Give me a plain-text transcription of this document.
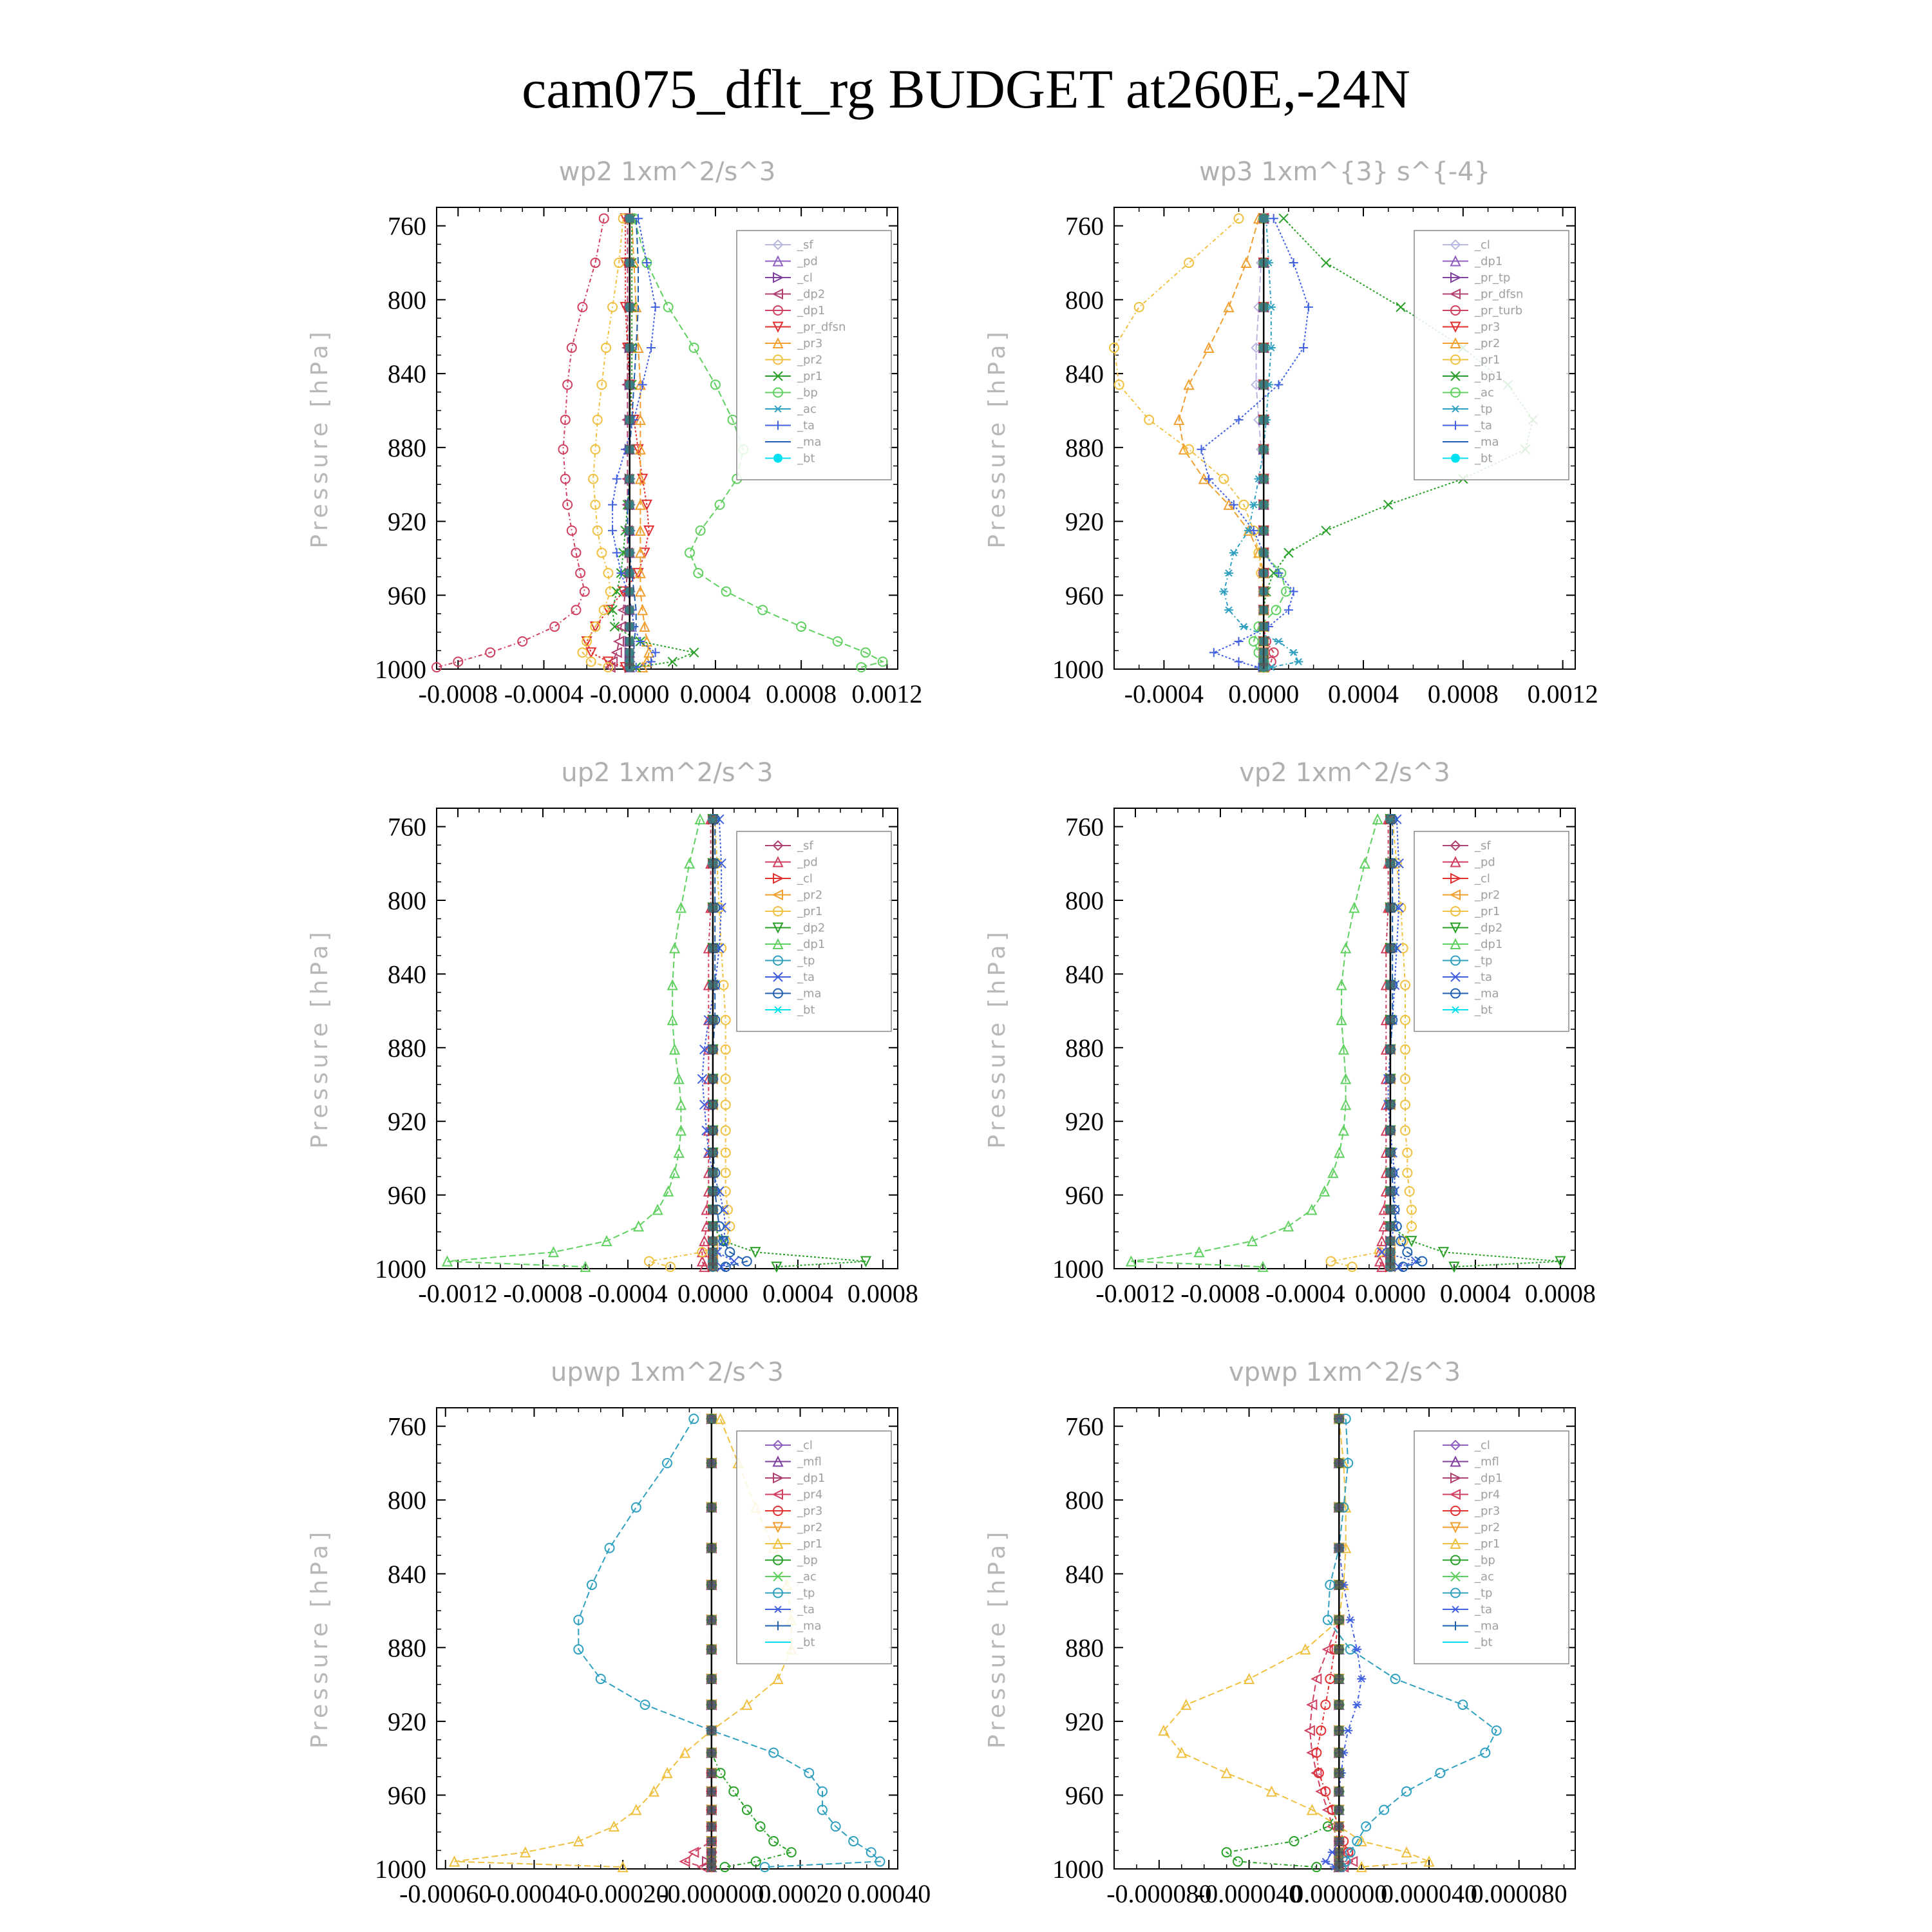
cam075_dflt_rg BUDGET at260E,-24N
wp2 1xm^2/s^3
Pressure [hPa]
760
800
840
880
920
960
1000
-0.0008 -0.0004 -0.0000 0.0004 0.0008 0.0012
_sf
_pd
_cl
_dp2
_dp1
_pr_dfsn
_pr3
_pr2
_pr1
_bp
_ac
_ta
_ma
_bt
wp3 1xm^{3} s^{-4}
Pressure [hPa]
760
800
840
880
920
960
1000
-0.0004 0.0000 0.0004 0.0008 0.0012
_cl
_dp1
_pr_tp
_pr_dfsn
_pr_turb
_pr3
_pr2
_pr1
_bp1
_ac
_tp
_ta
_ma
_bt
up2 1xm^2/s^3
Pressure [hPa]
760
800
840
880
920
960
1000
-0.0012 -0.0008 -0.0004 0.0000 0.0004 0.0008
_sf
_pd
_cl
_pr2
_pr1
_dp2
_dp1
_tp
_ta
_ma
_bt
vp2 1xm^2/s^3
Pressure [hPa]
760
800
840
880
920
960
1000
-0.0012 -0.0008 -0.0004 0.0000 0.0004 0.0008
_sf
_pd
_cl
_pr2
_pr1
_dp2
_dp1
_tp
_ta
_ma
_bt
upwp 1xm^2/s^3
Pressure [hPa]
760
800
840
880
920
960
1000
-0.00060
-0.00040
-0.00020
-0.000000
0.00020 0.00040
_cl
_mfl
_dp1
_pr4
_pr3
_pr2
_pr1
_bp
_ac
_tp
_ta
_ma
_bt
vpwp 1xm^2/s^3
Pressure [hPa]
760
800
840
880
920
960
1000
-0.000080
-0.000040
0.000000
0.000040
0.000080
_cl
_mfl
_dp1
_pr4
_pr3
_pr2
_pr1
_bp
_ac
_tp
_ta
_ma
_bt
